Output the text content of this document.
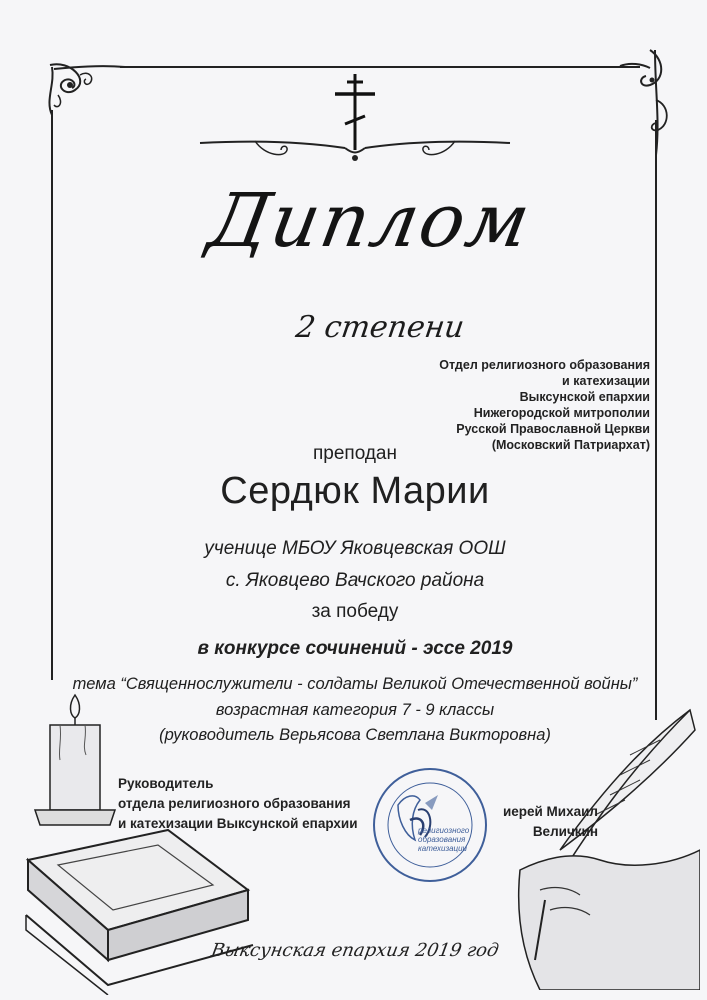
Диплом
2 степени
Отдел религиозного образования
и катехизации
Выксунской епархии
Нижегородской митрополии
Русской Православной Церкви
(Московский Патриархат)
преподан
Сердюк Марии
ученице МБОУ Яковцевская ООШ
с. Яковцево Вачского района
за победу
в конкурсе сочинений - эссе 2019
тема “Священнослужители - солдаты Великой Отечественной войны”
возрастная категория 7 - 9 классы
(руководитель Верьясова Светлана Викторовна)
Руководитель
отдела религиозного образования
и катехизации Выксунской епархии
иерей Михаил
Величкин
религиозного
образования
катехизации
Выксунская епархия 2019 год
